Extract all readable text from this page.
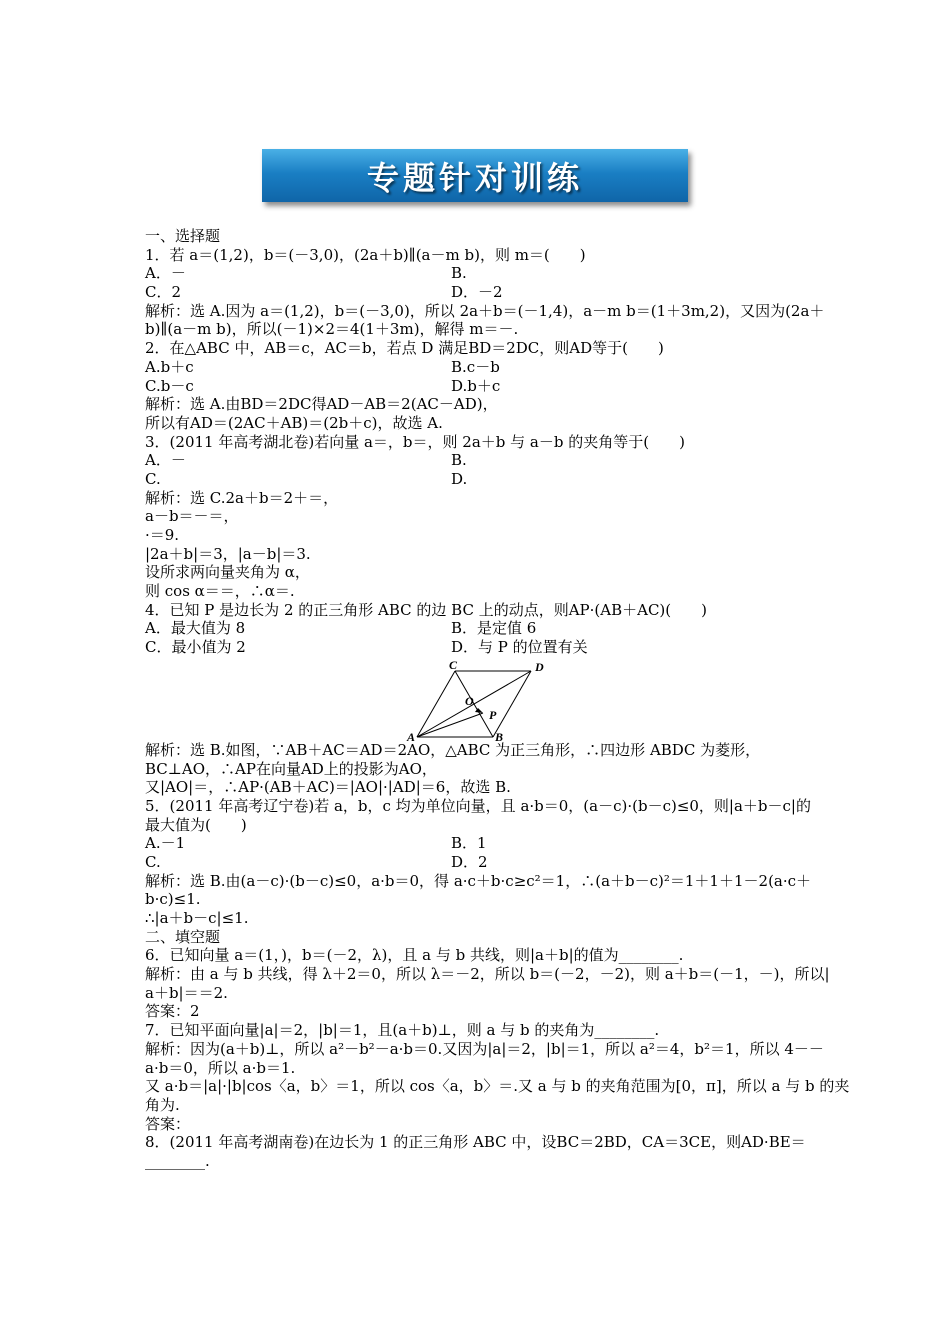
专题针对训练
一、选择题
1．若 a＝(1,2)，b＝(－3,0)，(2a＋b)∥(a－m b)，则 m＝(　　)
A．－	B.
C．2	D．－2
解析：选 A.因为 a＝(1,2)，b＝(－3,0)，所以 2a＋b＝(－1,4)，a－m b＝(1＋3m,2)，又因为(2a＋
b)∥(a－m b)，所以(－1)×2＝4(1＋3m)，解得 m＝－.
2．在△ABC 中，AB＝c，AC＝b，若点 D 满足BD＝2DC，则AD等于(　　)
A.b＋c	B.c－b
C.b－c	D.b＋c
解析：选 A.由BD＝2DC得AD－AB＝2(AC－AD)，
所以有AD＝(2AC＋AB)＝(2b＋c)，故选 A.
3．(2011 年高考湖北卷)若向量 a＝，b＝，则 2a＋b 与 a－b 的夹角等于(　　)
A．－	B.
C.	D.
解析：选 C.2a＋b＝2＋＝，
a－b＝－＝，
·＝9.
|2a＋b|＝3，|a－b|＝3.
设所求两向量夹角为 α，
则 cos α＝＝，∴α＝.
4．已知 P 是边长为 2 的正三角形 ABC 的边 BC 上的动点，则AP·(AB＋AC)(　　)
A．最大值为 8	B．是定值 6
C．最小值为 2	D．与 P 的位置有关
C	D
O
P
A	B
解析：选 B.如图，∵AB＋AC＝AD＝2AO，△ABC 为正三角形，∴四边形 ABDC 为菱形，
BC⊥AO，∴AP在向量AD上的投影为AO，
又|AO|＝，∴AP·(AB＋AC)＝|AO|·|AD|＝6，故选 B.
5．(2011 年高考辽宁卷)若 a，b，c 均为单位向量，且 a·b＝0，(a－c)·(b－c)≤0，则|a＋b－c|的
最大值为(　　)
A.－1	B．1
C.	D．2
解析：选 B.由(a－c)·(b－c)≤0，a·b＝0，得 a·c＋b·c≥c²＝1，∴(a＋b－c)²＝1＋1＋1－2(a·c＋
b·c)≤1.
∴|a＋b－c|≤1.
二、填空题
6．已知向量 a＝(1，)，b＝(－2，λ)，且 a 与 b 共线，则|a＋b|的值为________.
解析：由 a 与 b 共线，得 λ＋2＝0，所以 λ＝－2，所以 b＝(－2，－2)，则 a＋b＝(－1，－)，所以|
a＋b|＝＝2.
答案：2
7．已知平面向量|a|＝2，|b|＝1，且(a＋b)⊥，则 a 与 b 的夹角为________.
解析：因为(a＋b)⊥，所以 a²－b²－a·b＝0.又因为|a|＝2，|b|＝1，所以 a²＝4，b²＝1，所以 4－－
a·b＝0，所以 a·b＝1.
又 a·b＝|a|·|b|cos〈a，b〉＝1，所以 cos〈a，b〉＝.又 a 与 b 的夹角范围为[0，π]，所以 a 与 b 的夹
角为.
答案：
8．(2011 年高考湖南卷)在边长为 1 的正三角形 ABC 中，设BC＝2BD，CA＝3CE，则AD·BE＝
________.
